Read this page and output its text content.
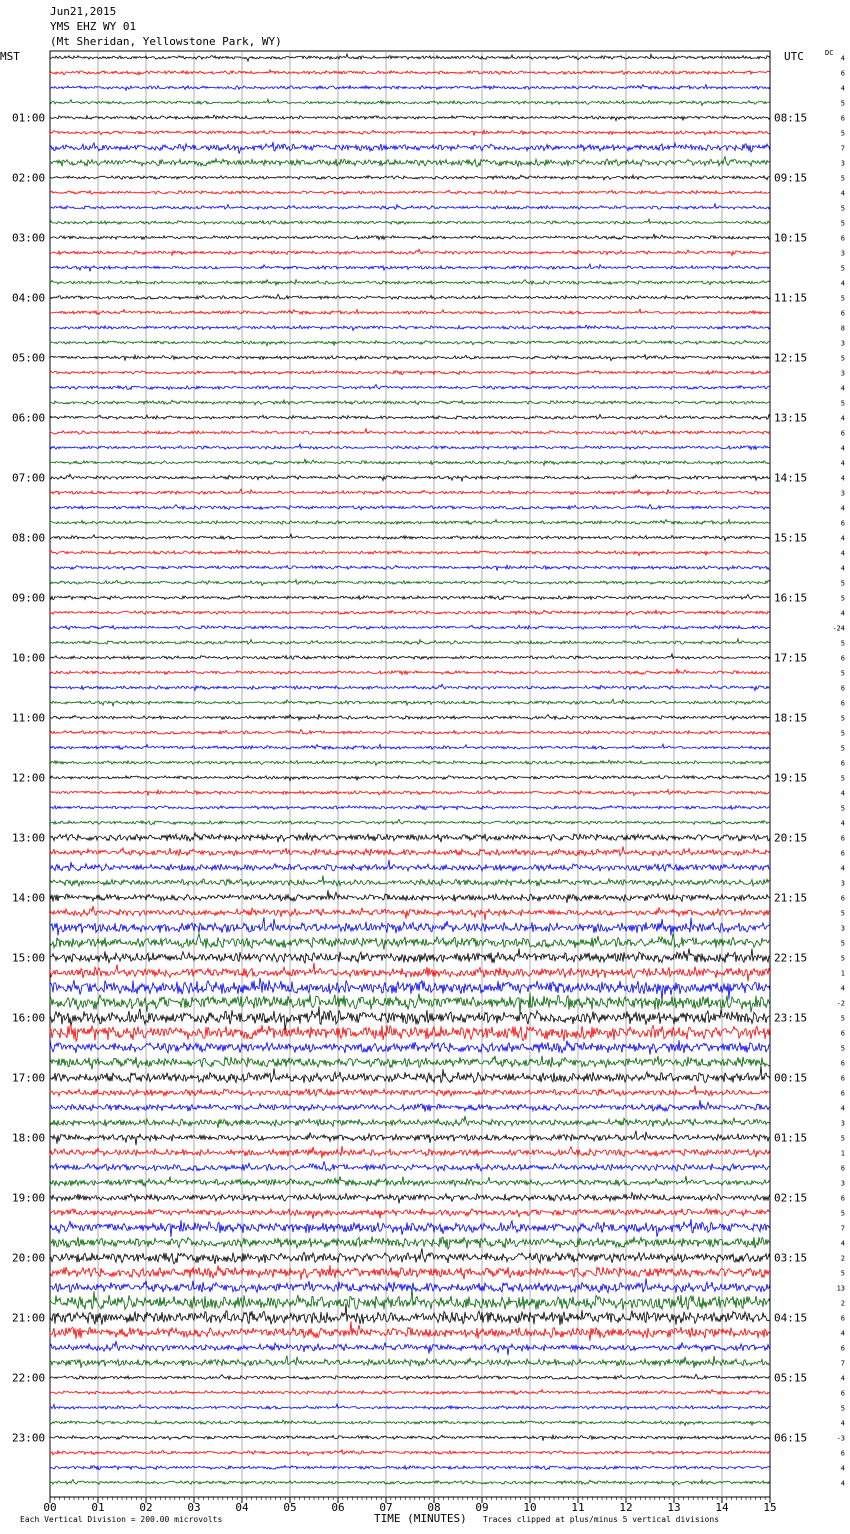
Jun21,2015
YMS EHZ WY 01
(Mt Sheridan, Yellowstone Park, WY)
MST	UTC	DC
00	01	02	03	04	05	06	07	08	09	10	11	12	13	14	15
4
6
4
5
6
5
7
3
5
4
5
5
6
3
5
4
5
6
8
3
5
3
4
5
4
6
4
4
4
3
4
6
4
4
4
5
5
4
-24
5
6
5
6
6
5
5
5
6
5
4
5
4
6
6
4
3
6
5
3
5
5
1
4
-2
5
6
5
6
6
6
4
3
5
1
6
3
6
5
7
4
2
5
13
2
6
4
6
7
4
6
5
4
-3
6
4
4
01:00	08:15
02:00	09:15
03:00	10:15
04:00	11:15
05:00	12:15
06:00	13:15
07:00	14:15
08:00	15:15
09:00	16:15
10:00	17:15
11:00	18:15
12:00	19:15
13:00	20:15
14:00	21:15
15:00	22:15
16:00	23:15
17:00	00:15
18:00	01:15
19:00	02:15
20:00	03:15
21:00	04:15
22:00	05:15
23:00	06:15
Each Vertical Division = 200.00 microvolts	TIME (MINUTES) Traces clipped at plus/minus 5 vertical divisions
